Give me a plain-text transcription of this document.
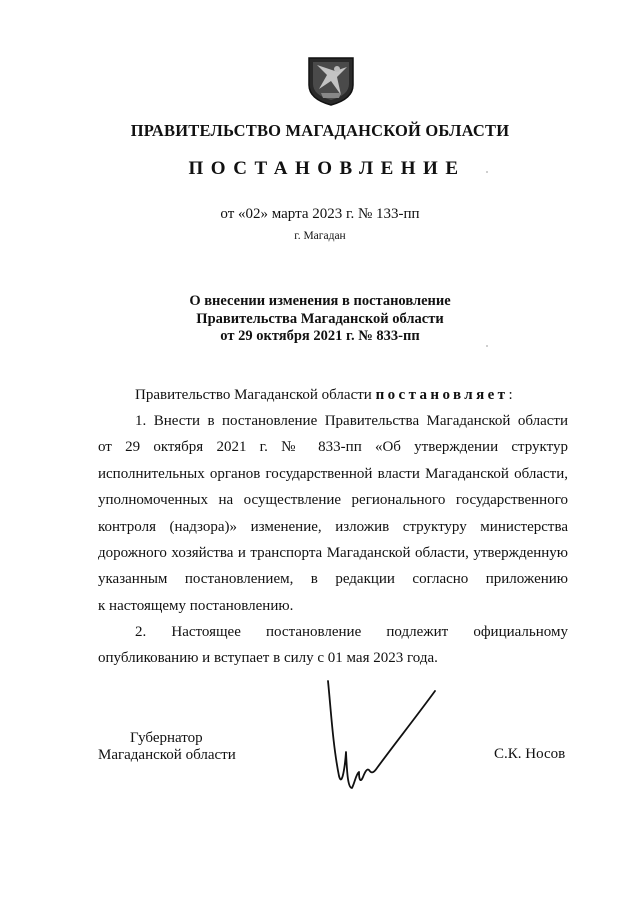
ПРАВИТЕЛЬСТВО МАГАДАНСКОЙ ОБЛАСТИ
ПОСТАНОВЛЕНИЕ
от «02» марта 2023 г. № 133-пп
г. Магадан
О внесении изменения в постановление
Правительства Магаданской области
от 29 октября 2021 г. № 833-пп
Правительство Магаданской области постановляет:
1. Внести в постановление Правительства Магаданской области
от 29 октября 2021 г. № 833-пп «Об утверждении структур
исполнительных органов государственной власти Магаданской области,
уполномоченных на осуществление регионального государственного
контроля (надзора)» изменение, изложив структуру министерства
дорожного хозяйства и транспорта Магаданской области, утвержденную
указанным постановлением, в редакции согласно приложению
к настоящему постановлению.
2. Настоящее постановление подлежит официальному
опубликованию и вступает в силу с 01 мая 2023 года.
Губернатор
Магаданской области	С.К. Носов
